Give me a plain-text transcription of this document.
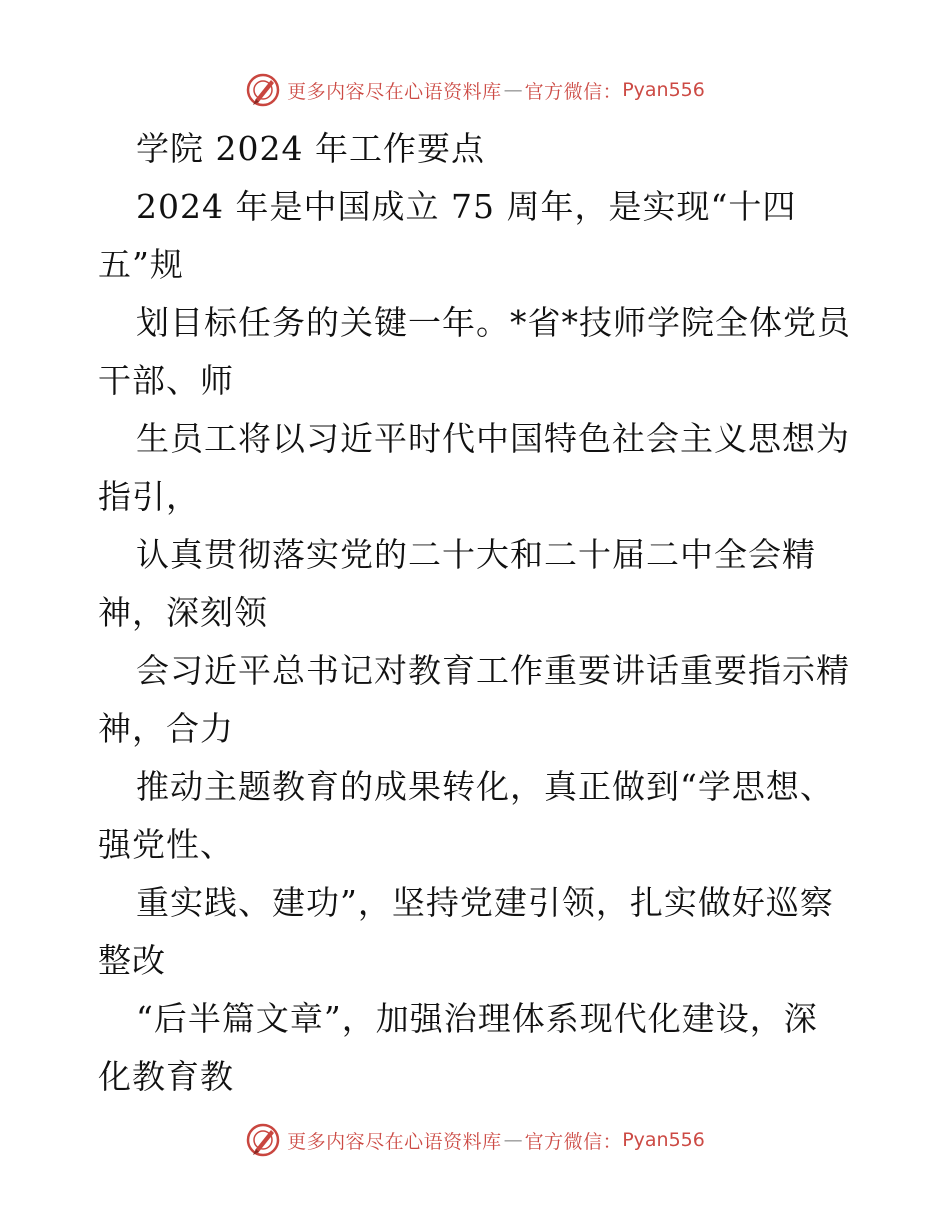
更多内容尽在心语资料库 — 官方微信： Pyan556
学院 2024 年工作要点
2024 年是中国成立 75 周年，是实现“十四
五”规
划目标任务的关键一年。*省*技师学院全体党员
干部、师
生员工将以习近平时代中国特色社会主义思想为
指引，
认真贯彻落实党的二十大和二十届二中全会精
神，深刻领
会习近平总书记对教育工作重要讲话重要指示精
神，合力
推动主题教育的成果转化，真正做到“学思想、
强党性、
重实践、建功”，坚持党建引领，扎实做好巡察
整改
“后半篇文章”，加强治理体系现代化建设，深
化教育教
更多内容尽在心语资料库 — 官方微信： Pyan556
